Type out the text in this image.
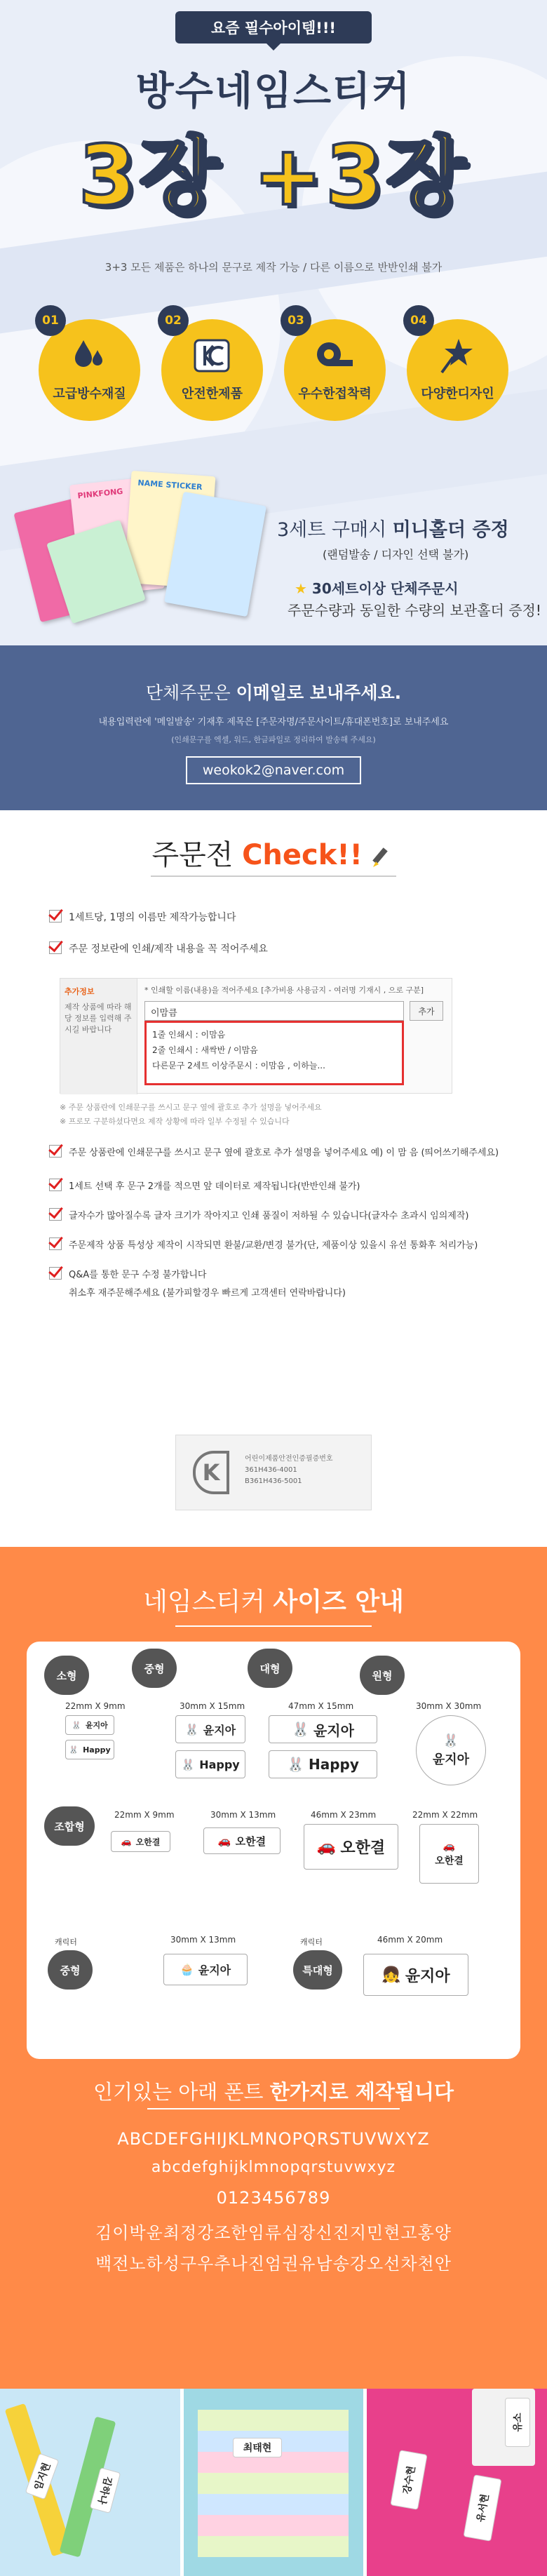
요즘 필수아이템!!!
방수네임스티커
3장 +3장
3+3 모든 제품은 하나의 문구로 제작 가능 / 다른 이름으로 반반인쇄 불가
01
고급방수재질
02
안전한제품
03
우수한접착력
04
다양한디자인
PINKFONG
NAME STICKER
3세트 구매시 미니홀더 증정
(랜덤발송 / 디자인 선택 불가)
★ 30세트이상 단체주문시
주문수량과 동일한 수량의 보관홀더 증정!
단체주문은 이메일로 보내주세요.
내용입력란에 '메일발송' 기재후 제목은 [주문자명/주문사이트/휴대폰번호]로 보내주세요
(인쇄문구를 엑셀, 워드, 한글파일로 정리하여 발송해 주세요)
weokok2@naver.com
주문전 Check!!
1세트당, 1명의 이름만 제작가능합니다
주문 정보란에 인쇄/제작 내용을 꼭 적어주세요
추가정보
제작 상품에 따라 해당 정보를 입력해 주시길 바랍니다
* 인쇄할 이름(내용)을 적어주세요 [추가비용 사용금지 - 여러명 기재시 , 으로 구분]
이맘큼	추가
1줄 인쇄시 : 이맘음
2줄 인쇄시 : 새싹반 / 이맘음
다른문구 2세트 이상주문시 : 이맘음 , 이하늘...
※ 주문 상품란에 인쇄문구를 쓰시고 문구 옆에 괄호로 추가 설명을 넣어주세요
※ 프로모 구분하셨다면요 제작 상황에 따라 일부 수정될 수 있습니다
주문 상품란에 인쇄문구를 쓰시고 문구 옆에 괄호로 추가 설명을 넣어주세요 예) 이 맘 음 (띄어쓰기해주세요)
1세트 선택 후 문구 2개를 적으면 앞 데이터로 제작됩니다(반반인쇄 불가)
글자수가 많아질수록 글자 크기가 작아지고 인쇄 품질이 저하될 수 있습니다(글자수 초과시 임의제작)
주문제작 상품 특성상 제작이 시작되면 환불/교환/변경 불가(단, 제품이상 있을시 유선 통화후 처리가능)
Q&A를 통한 문구 수정 불가합니다
취소후 재주문해주세요 (불가피할경우 빠르게 고객센터 연락바랍니다)
K
어린이제품안전인증필증번호
361H436-4001
B361H436-5001
네임스티커 사이즈 안내
소형
중형	대형
원형
22mm X 9mm	30mm X 15mm	47mm X 15mm	30mm X 30mm
🐰 윤지아
🐰 Happy
🐰 윤지아
🐰 Happy
🐰 윤지아
🐰 Happy
🐰
윤지아
조합형
22mm X 9mm	30mm X 13mm	46mm X 23mm	22mm X 22mm
🚗 오한결	🚗 오한결	🚗 오한결	🚗
오한결
캐릭터
중형
30mm X 13mm
🧁 윤지아
캐릭터
특대형
46mm X 20mm
👧 윤지아
인기있는 아래 폰트 한가지로 제작됩니다
ABCDEFGHIJKLMNOPQRSTUVWXYZ
abcdefghijklmnopqrstuvwxyz
0123456789
김이박윤최정강조한임류심장신진지민현고홍양
백전노하성구우추나진엄권유남송강오선차천안
임지현	김하나
최태현
유소
강수현
유서현
